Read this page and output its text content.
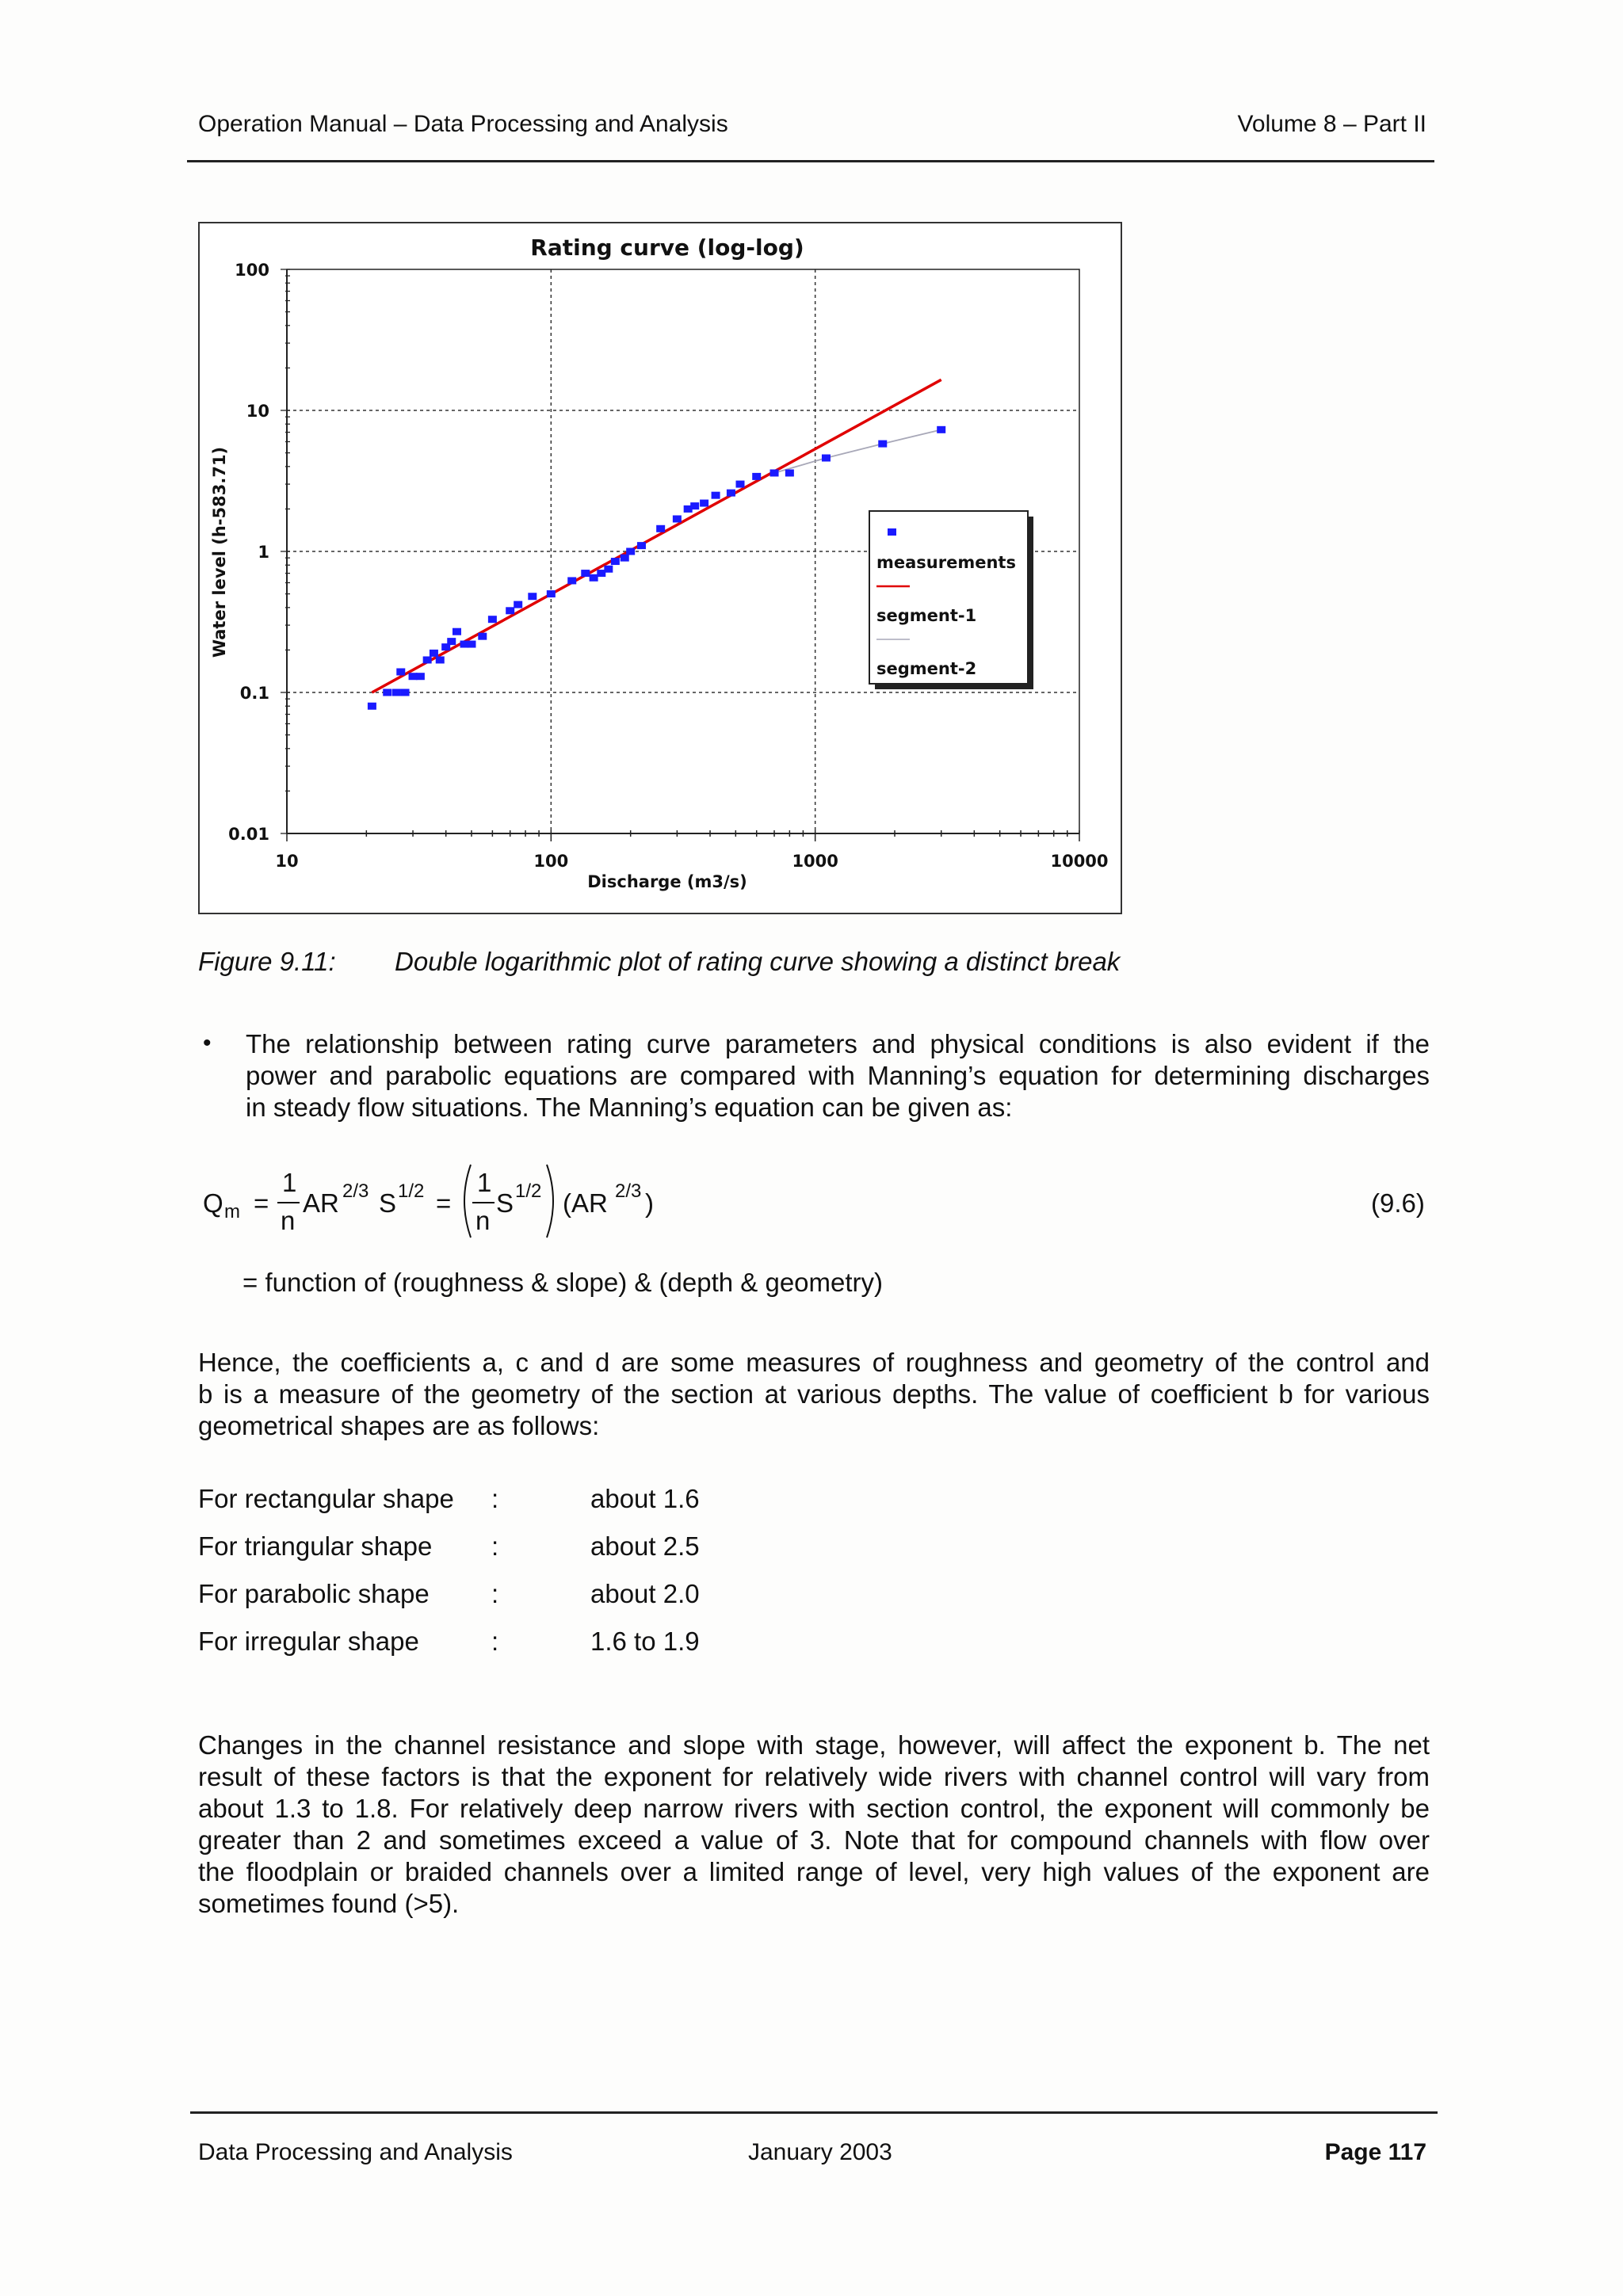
Operation Manual – Data Processing and Analysis	Volume 8 – Part II
10	100	1000	10000
0.01
0.1
1
10
100
Rating curve (log-log)
Discharge (m3/s)
Water level (h-583.71)	measurements
segment-1
segment-2
Figure 9.11: Double logarithmic plot of rating curve showing a distinct break
• The relationship between rating curve parameters and physical conditions is also evident if the
power and parabolic equations are compared with Manning’s equation for determining discharges
in steady flow situations. The Manning’s equation can be given as:
Q m =
1
n
AR 2/3 S 1/2 =
1
n
S 1/2 (AR 2/3 )	(9.6)
= function of (roughness & slope) & (depth & geometry)
Hence, the coefficients a, c and d are some measures of roughness and geometry of the control and
b is a measure of the geometry of the section at various depths. The value of coefficient b for various
geometrical shapes are as follows:
For rectangular shape :	about 1.6
For triangular shape :	about 2.5
For parabolic shape :	about 2.0
For irregular shape	:	1.6 to 1.9
Changes in the channel resistance and slope with stage, however, will affect the exponent b. The net
result of these factors is that the exponent for relatively wide rivers with channel control will vary from
about 1.3 to 1.8. For relatively deep narrow rivers with section control, the exponent will commonly be
greater than 2 and sometimes exceed a value of 3. Note that for compound channels with flow over
the floodplain or braided channels over a limited range of level, very high values of the exponent are
sometimes found (>5).
Data Processing and Analysis	January 2003	Page 117
